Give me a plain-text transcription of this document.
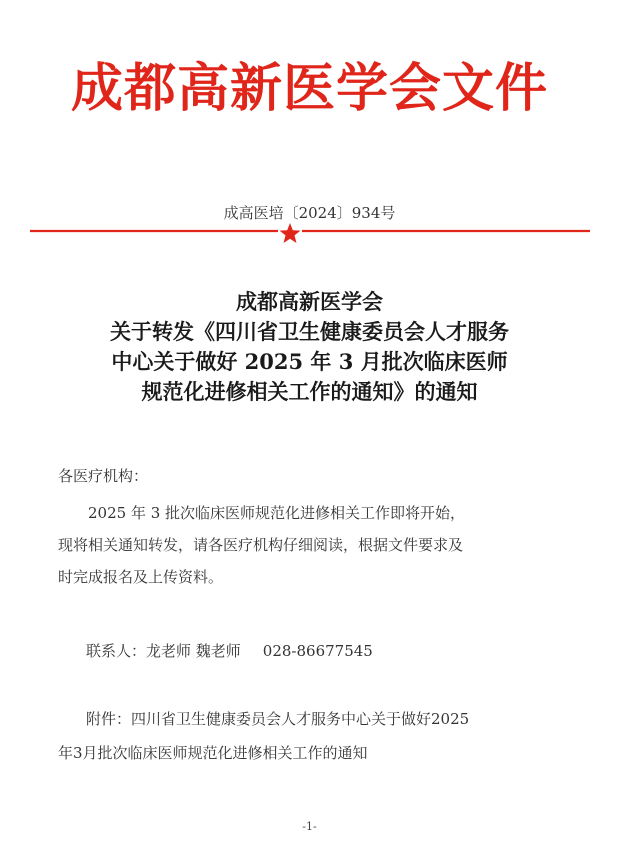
成都高新医学会文件
成高医培〔2024〕934号
成都高新医学会
关于转发《四川省卫生健康委员会人才服务
中心关于做好 2025 年 3 月批次临床医师
规范化进修相关工作的通知》的通知
各医疗机构：
2025 年 3 批次临床医师规范化进修相关工作即将开始，
现将相关通知转发，请各医疗机构仔细阅读，根据文件要求及
时完成报名及上传资料。
联系人：龙老师 魏老师 028-86677545
附件：四川省卫生健康委员会人才服务中心关于做好2025
年3月批次临床医师规范化进修相关工作的通知
-1-
